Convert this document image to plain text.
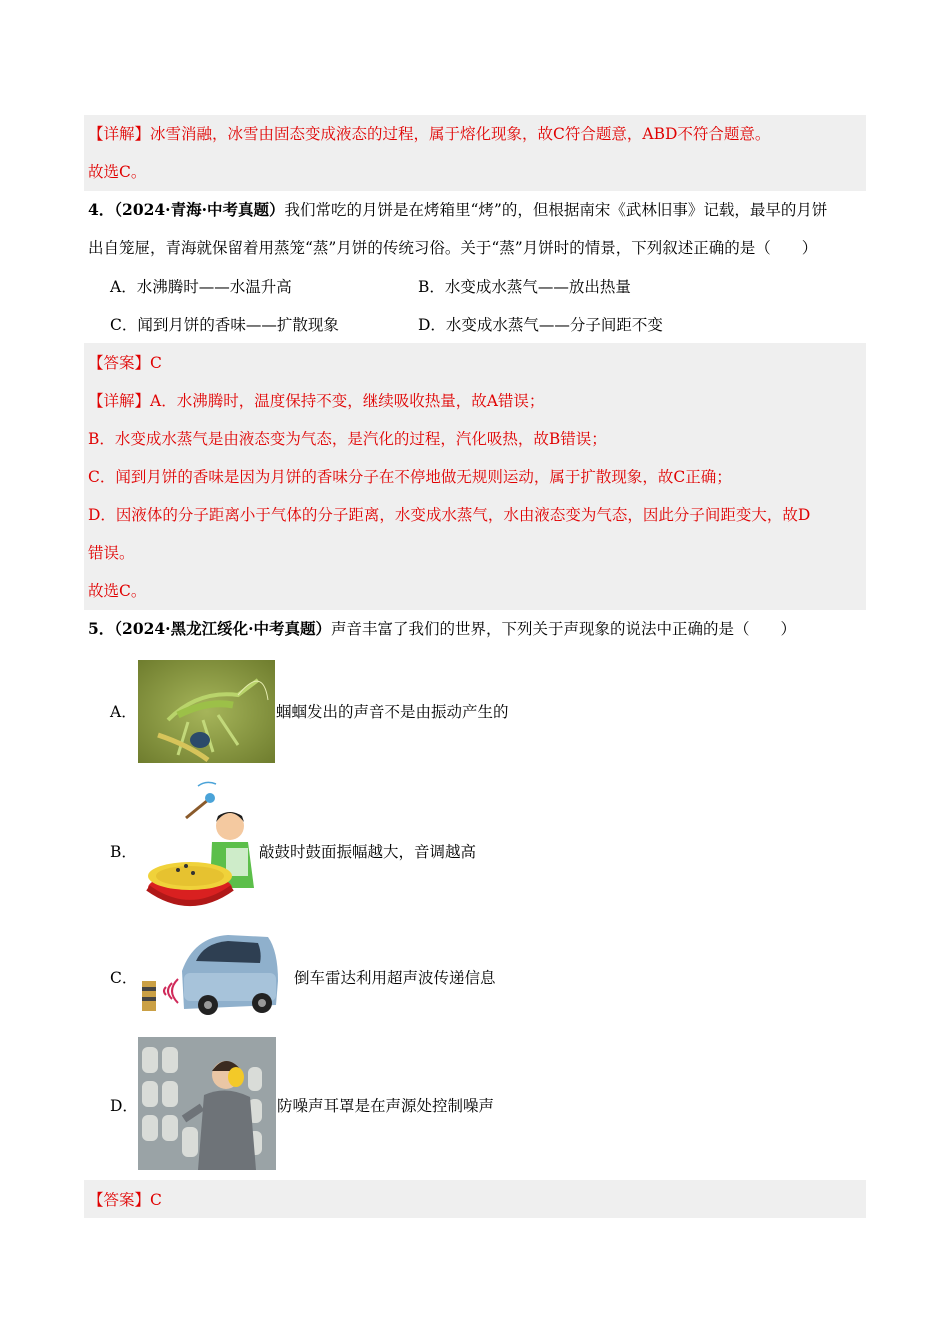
【详解】冰雪消融，冰雪由固态变成液态的过程，属于熔化现象，故C符合题意，ABD不符合题意。
故选C。
4．（2024·青海·中考真题）我们常吃的月饼是在烤箱里“烤”的，但根据南宋《武林旧事》记载，最早的月饼
出自笼屉，青海就保留着用蒸笼“蒸”月饼的传统习俗。关于“蒸”月饼时的情景，下列叙述正确的是（　　）
A．水沸腾时——水温升高	B．水变成水蒸气——放出热量
C．闻到月饼的香味——扩散现象	D．水变成水蒸气——分子间距不变
【答案】C
【详解】A．水沸腾时，温度保持不变，继续吸收热量，故A错误；
B．水变成水蒸气是由液态变为气态，是汽化的过程，汽化吸热，故B错误；
C．闻到月饼的香味是因为月饼的香味分子在不停地做无规则运动，属于扩散现象，故C正确；
D．因液体的分子距离小于气体的分子距离，水变成水蒸气，水由液态变为气态，因此分子间距变大，故D
错误。
故选C。
5．（2024·黑龙江绥化·中考真题）声音丰富了我们的世界，下列关于声现象的说法中正确的是（　　）
A．	蝈蝈发出的声音不是由振动产生的
B．	敲鼓时鼓面振幅越大，音调越高
C．	倒车雷达利用超声波传递信息
D．	防噪声耳罩是在声源处控制噪声
【答案】C
